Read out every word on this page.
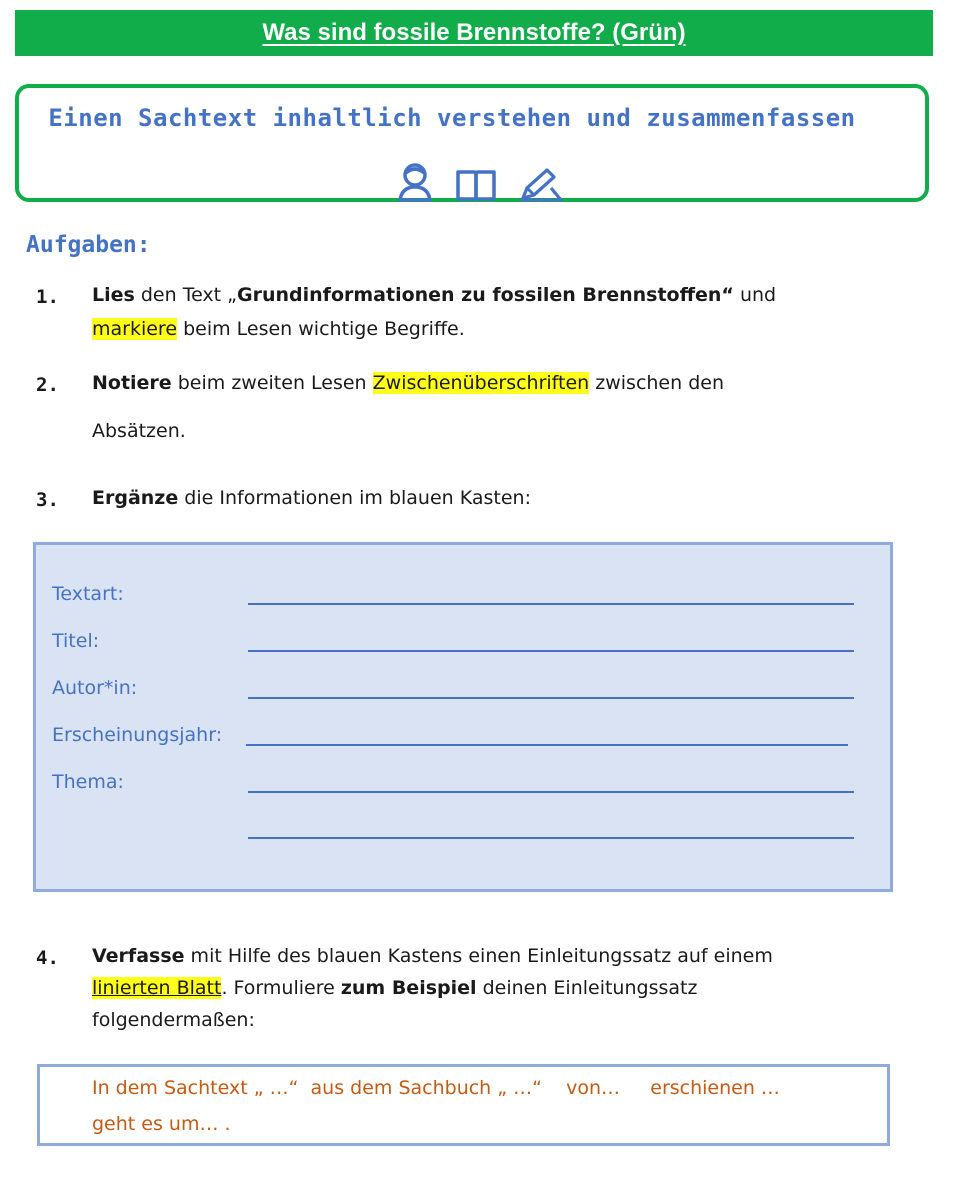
Was sind fossile Brennstoffe? (Grün)
Einen Sachtext inhaltlich verstehen und zusammenfassen
Aufgaben:
1. Lies den Text „Grundinformationen zu fossilen Brennstoffen“ und
markiere beim Lesen wichtige Begriffe.
2. Notiere beim zweiten Lesen Zwischenüberschriften zwischen den
Absätzen.
3. Ergänze die Informationen im blauen Kasten:
Textart:
Titel:
Autor*in:
Erscheinungsjahr:
Thema:
4. Verfasse mit Hilfe des blauen Kastens einen Einleitungssatz auf einem
linierten Blatt. Formuliere zum Beispiel deinen Einleitungssatz
folgendermaßen:
In dem Sachtext „ …“  aus dem Sachbuch „ …“    von…     erschienen …
geht es um… .
